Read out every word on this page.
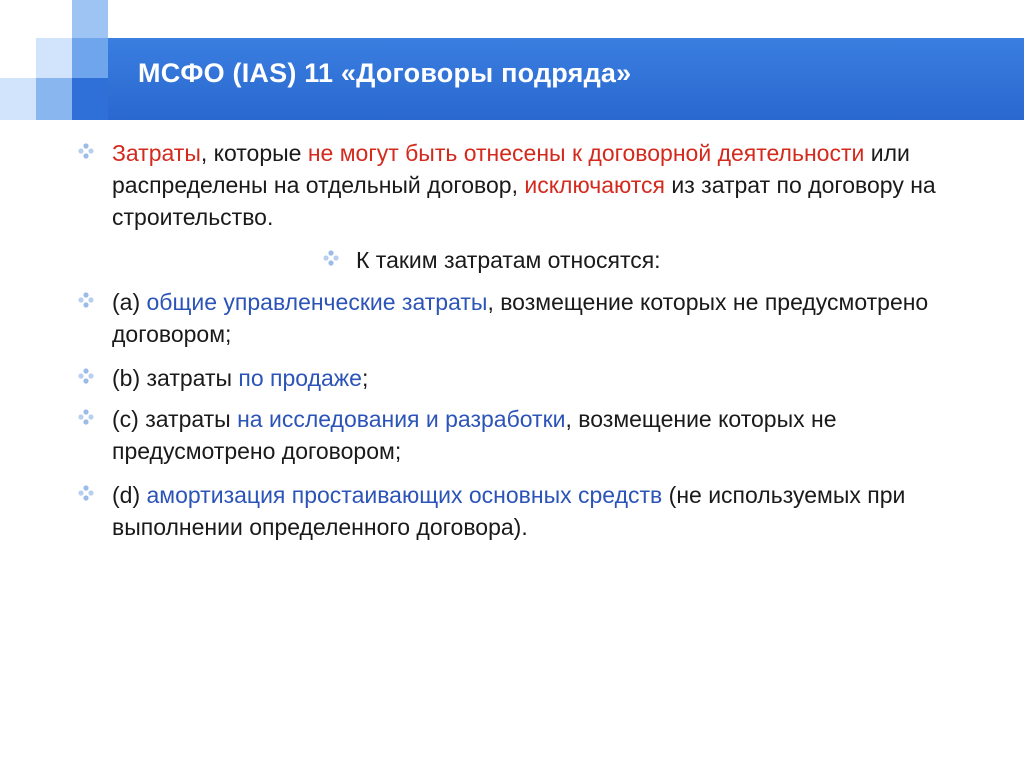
МСФО (IAS) 11 «Договоры подряда»
Затраты, которые не могут быть отнесены к договорной деятельности или распределены на отдельный договор, исключаются из затрат по договору на строительство.
К таким затратам относятся:
(а) общие управленческие затраты, возмещение которых не предусмотрено договором;
(b) затраты по продаже;
(с) затраты на исследования и разработки, возмещение которых не предусмотрено договором;
(d) амортизация простаивающих основных средств (не используемых при выполнении определенного договора).
